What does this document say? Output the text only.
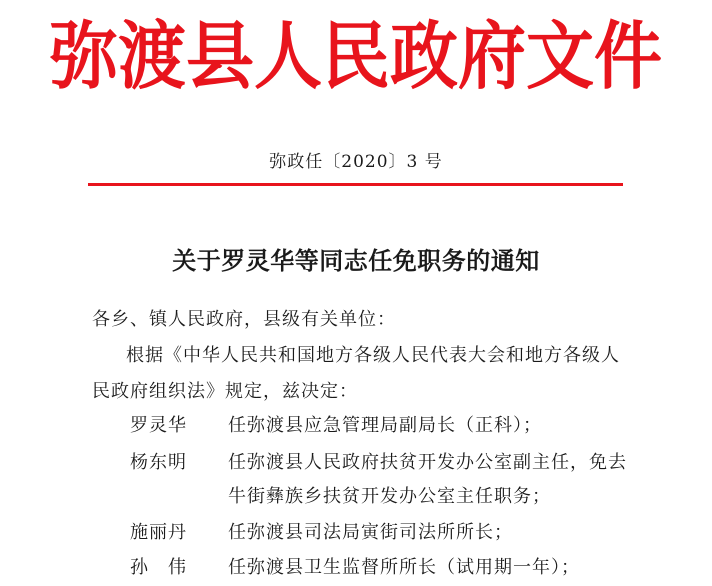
弥渡县人民政府文件
弥政任〔2020〕3 号
关于罗灵华等同志任免职务的通知
各乡、镇人民政府，县级有关单位：
根据《中华人民共和国地方各级人民代表大会和地方各级人
民政府组织法》规定，兹决定：
罗灵华	任弥渡县应急管理局副局长（正科）；
杨东明	任弥渡县人民政府扶贫开发办公室副主任，免去
牛街彝族乡扶贫开发办公室主任职务；
施丽丹	任弥渡县司法局寅街司法所所长；
孙　伟	任弥渡县卫生监督所所长（试用期一年）；
